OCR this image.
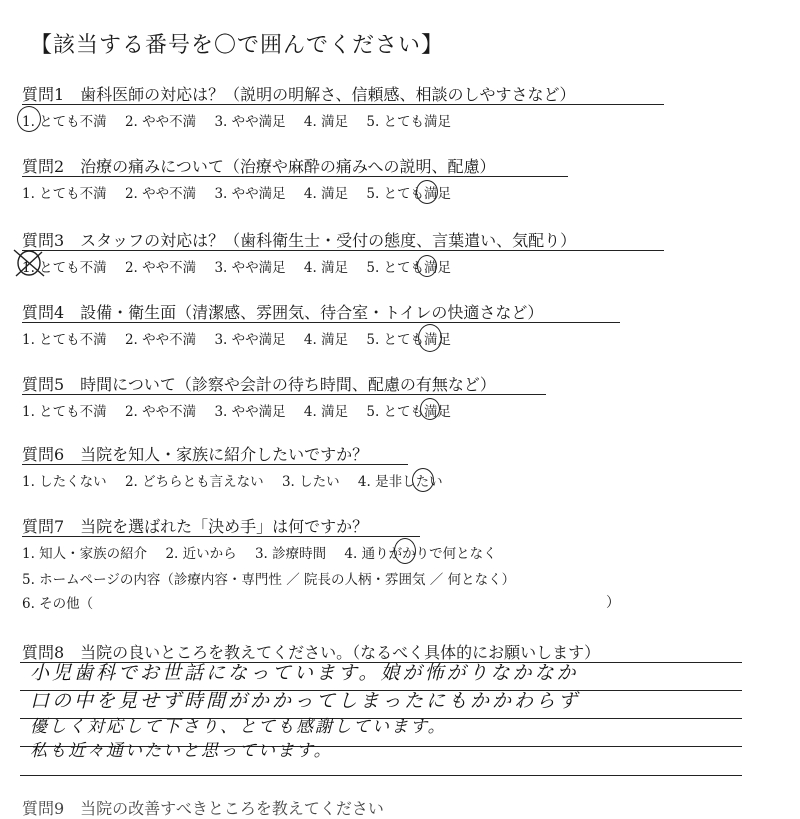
【該当する番号を〇で囲んでください】
質問1　歯科医師の対応は？（説明の明解さ、信頼感、相談のしやすさなど）
1. とても不満 2. やや不満 3. やや満足 4. 満足 5. とても満足
質問2　治療の痛みについて（治療や麻酔の痛みへの説明、配慮）
1. とても不満 2. やや不満 3. やや満足 4. 満足 5. とても満足
質問3　スタッフの対応は？（歯科衛生士・受付の態度、言葉遣い、気配り）
1. とても不満 2. やや不満 3. やや満足 4. 満足 5. とても満足
質問4　設備・衛生面（清潔感、雰囲気、待合室・トイレの快適さなど）
1. とても不満 2. やや不満 3. やや満足 4. 満足 5. とても満足
質問5　時間について（診察や会計の待ち時間、配慮の有無など）
1. とても不満 2. やや不満 3. やや満足 4. 満足 5. とても満足
質問6　当院を知人・家族に紹介したいですか？
1. したくない 2. どちらとも言えない 3. したい 4. 是非したい
質問7　当院を選ばれた「決め手」は何ですか？
1. 知人・家族の紹介 2. 近いから 3. 診療時間 4. 通りがかりで何となく
5. ホームページの内容（診療内容・専門性 ／ 院長の人柄・雰囲気 ／ 何となく）
6. その他（	）
質問8　当院の良いところを教えてください。（なるべく具体的にお願いします）
小児歯科でお世話になっています。娘が怖がりなかなか
口の中を見せず時間がかかってしまったにもかかわらず
優しく対応して下さり、とても感謝しています。
私も近々通いたいと思っています。
質問9　当院の改善すべきところを教えてください
